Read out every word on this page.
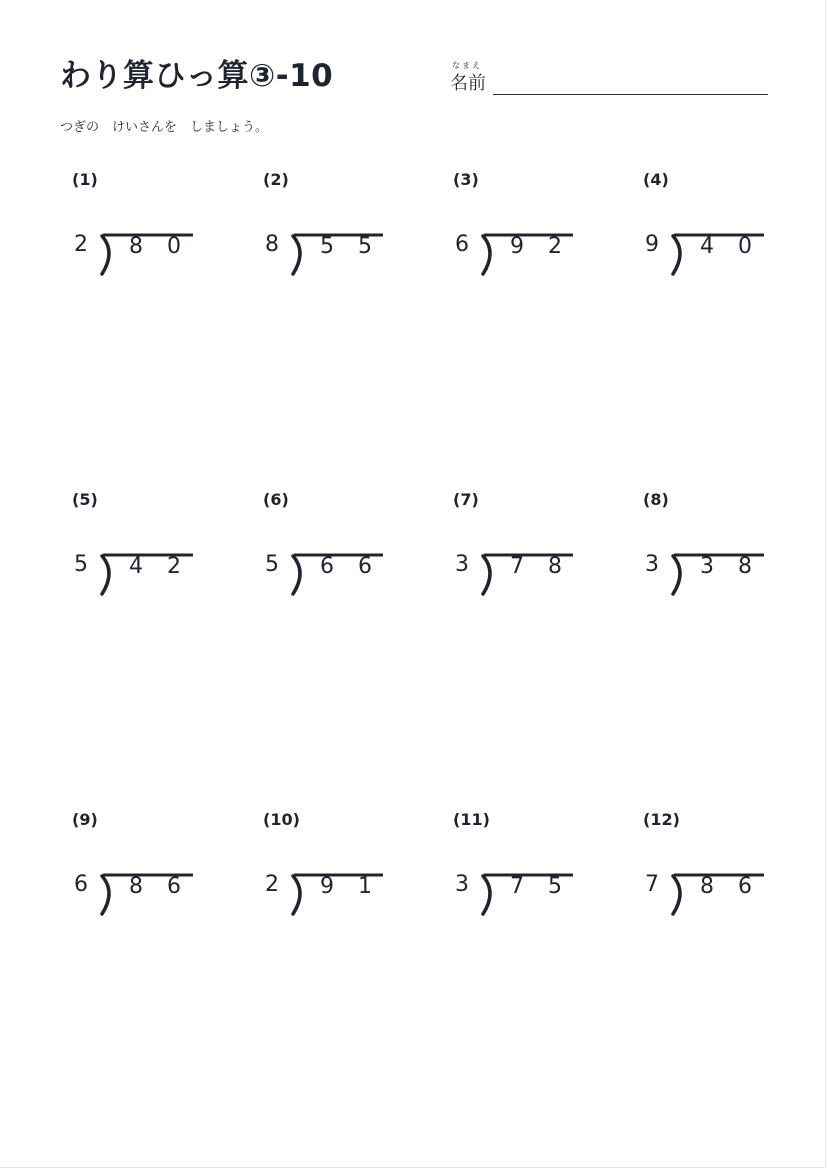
わり算ひっ算③-10	なまえ
名前
つぎの　けいさんを　しましょう。
(1)
2 8 0
(2)
8 5 5
(3)
6 9 2
(4)
9 4 0
(5)
5 4 2
(6)
5 6 6
(7)
3 7 8
(8)
3 3 8
(9)
6 8 6
(10)
2 9 1
(11)
3 7 5
(12)
7 8 6
